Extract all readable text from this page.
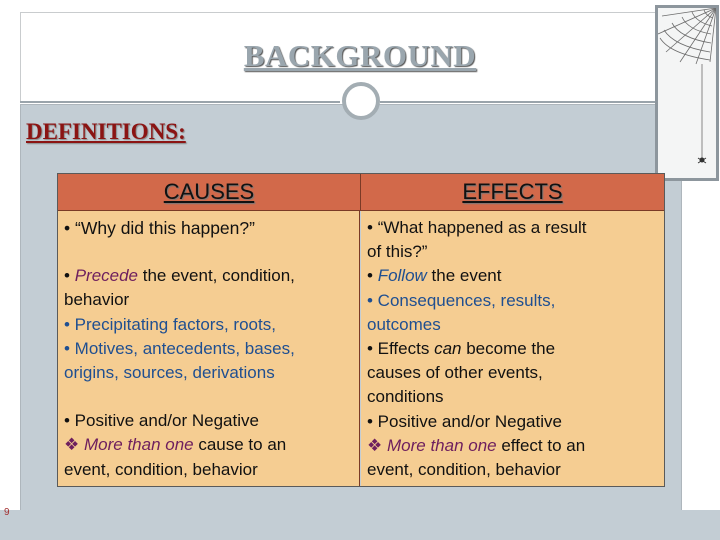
BACKGROUND
DEFINITIONS:
CAUSES	EFFECTS
• “Why did this happen?”
• Precede the event, condition,
behavior
• Precipitating factors, roots,
• Motives, antecedents, bases,
origins, sources, derivations
• Positive and/or Negative
❖ More than one cause to an
event, condition, behavior
• “What happened as a result
of this?”
• Follow the event
• Consequences, results,
outcomes
• Effects can become the
causes of other events,
conditions
• Positive and/or Negative
❖ More than one effect to an
event, condition, behavior
9
